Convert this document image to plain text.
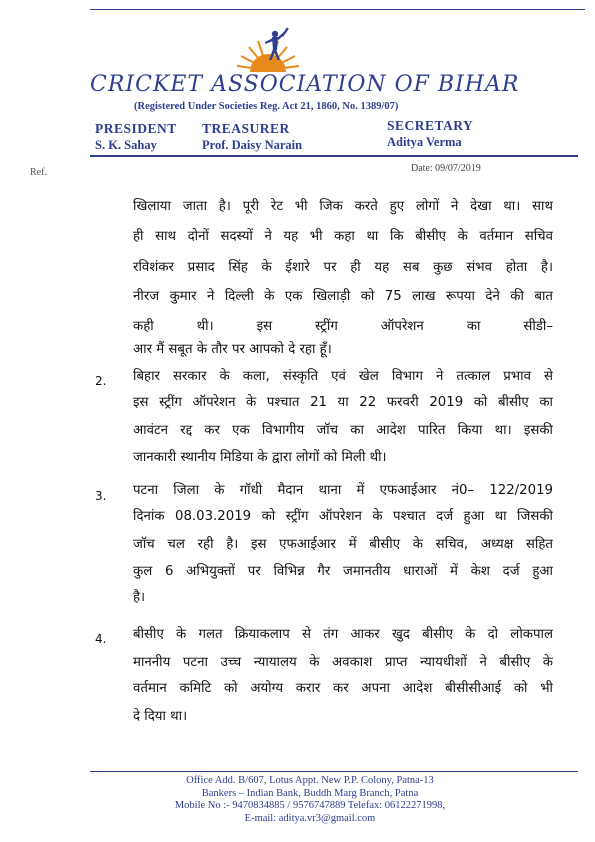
CRICKET ASSOCIATION OF BIHAR
(Registered Under Societies Reg. Act 21, 1860, No. 1389/07)
PRESIDENT
S. K. Sahay
TREASURER
Prof. Daisy Narain
SECRETARY
Aditya Verma
Ref.	Date: 09/07/2019
खिलाया जाता है। पूरी रेट भी जिक करते हुए लोगों ने देखा था। साथ
ही साथ दोनों सदस्यों ने यह भी कहा था कि बीसीए के वर्तमान सचिव
रविशंकर प्रसाद सिंह के ईशारे पर ही यह सब कुछ संभव होता है।
नीरज कुमार ने दिल्ली के एक खिलाड़ी को 75 लाख रूपया देने की बात
कही थी। इस स्ट्रींग ऑपरेशन का सीडी–
आर मैं सबूत के तौर पर आपको दे रहा हूँ।
2. बिहार सरकार के कला, संस्कृति एवं खेल विभाग ने तत्काल प्रभाव से
इस स्ट्रींग ऑपरेशन के पश्चात 21 या 22 फरवरी 2019 को बीसीए का
आवंटन रद्द कर एक विभागीय जॉच का आदेश पारित किया था। इसकी
जानकारी स्थानीय मिडिया के द्वारा लोगों को मिली थी।
3. पटना जिला के गॉधी मैदान थाना में एफआईआर नं0– 122/2019
दिनांक 08.03.2019 को स्ट्रींग ऑपरेशन के पश्चात दर्ज हुआ था जिसकी
जॉच चल रही है। इस एफआईआर में बीसीए के सचिव, अध्यक्ष सहित
कुल 6 अभियुक्तों पर विभिन्न गैर जमानतीय धाराओं में केश दर्ज हुआ
है।
4. बीसीए के गलत क्रियाकलाप से तंग आकर खुद बीसीए के दो लोकपाल
माननीय पटना उच्च न्यायालय के अवकाश प्राप्त न्यायधीशों ने बीसीए के
वर्तमान कमिटि को अयोग्य करार कर अपना आदेश बीसीसीआई को भी
दे दिया था।
Office Add. B/607, Lotus Appt. New P.P. Colony, Patna-13
Bankers – Indian Bank, Buddh Marg Branch, Patna
Mobile No :- 9470834885 / 9576747889 Telefax: 06122271998,
E-mail: aditya.vr3@gmail.com
